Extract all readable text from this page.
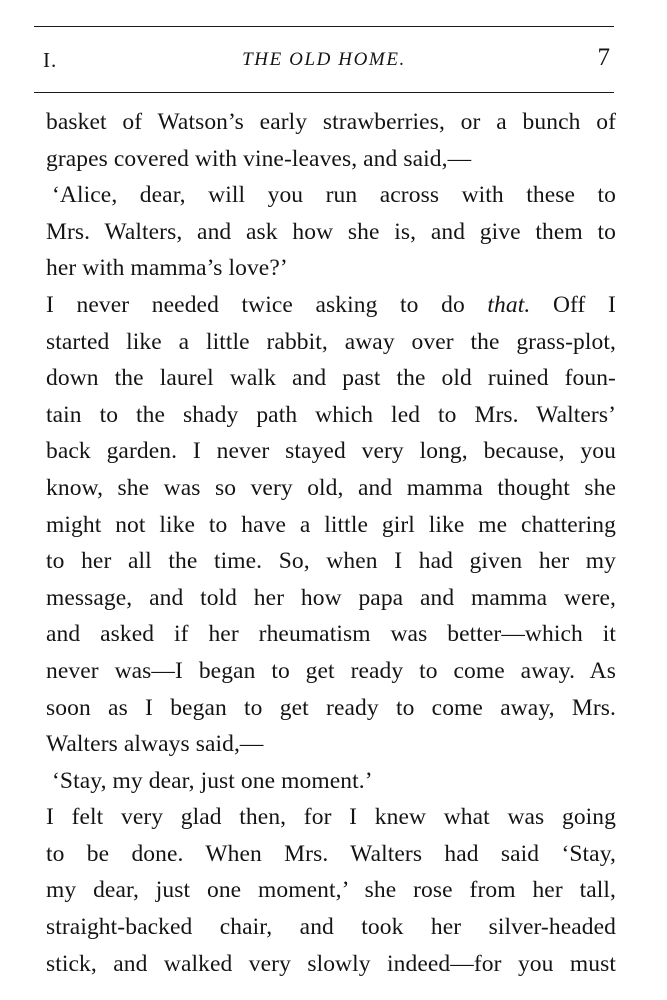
I.	THE OLD HOME.	7
basket of Watson’s early strawberries, or a bunch of
grapes covered with vine-leaves, and said,—
‘Alice, dear, will you run across with these to
Mrs. Walters, and ask how she is, and give them to
her with mamma’s love?’
I never needed twice asking to do that. Off I
started like a little rabbit, away over the grass-plot,
down the laurel walk and past the old ruined foun-
tain to the shady path which led to Mrs. Walters’
back garden. I never stayed very long, because, you
know, she was so very old, and mamma thought she
might not like to have a little girl like me chattering
to her all the time. So, when I had given her my
message, and told her how papa and mamma were,
and asked if her rheumatism was better—which it
never was—I began to get ready to come away. As
soon as I began to get ready to come away, Mrs.
Walters always said,—
‘Stay, my dear, just one moment.’
I felt very glad then, for I knew what was going
to be done. When Mrs. Walters had said ‘Stay,
my dear, just one moment,’ she rose from her tall,
straight-backed chair, and took her silver-headed
stick, and walked very slowly indeed—for you must
